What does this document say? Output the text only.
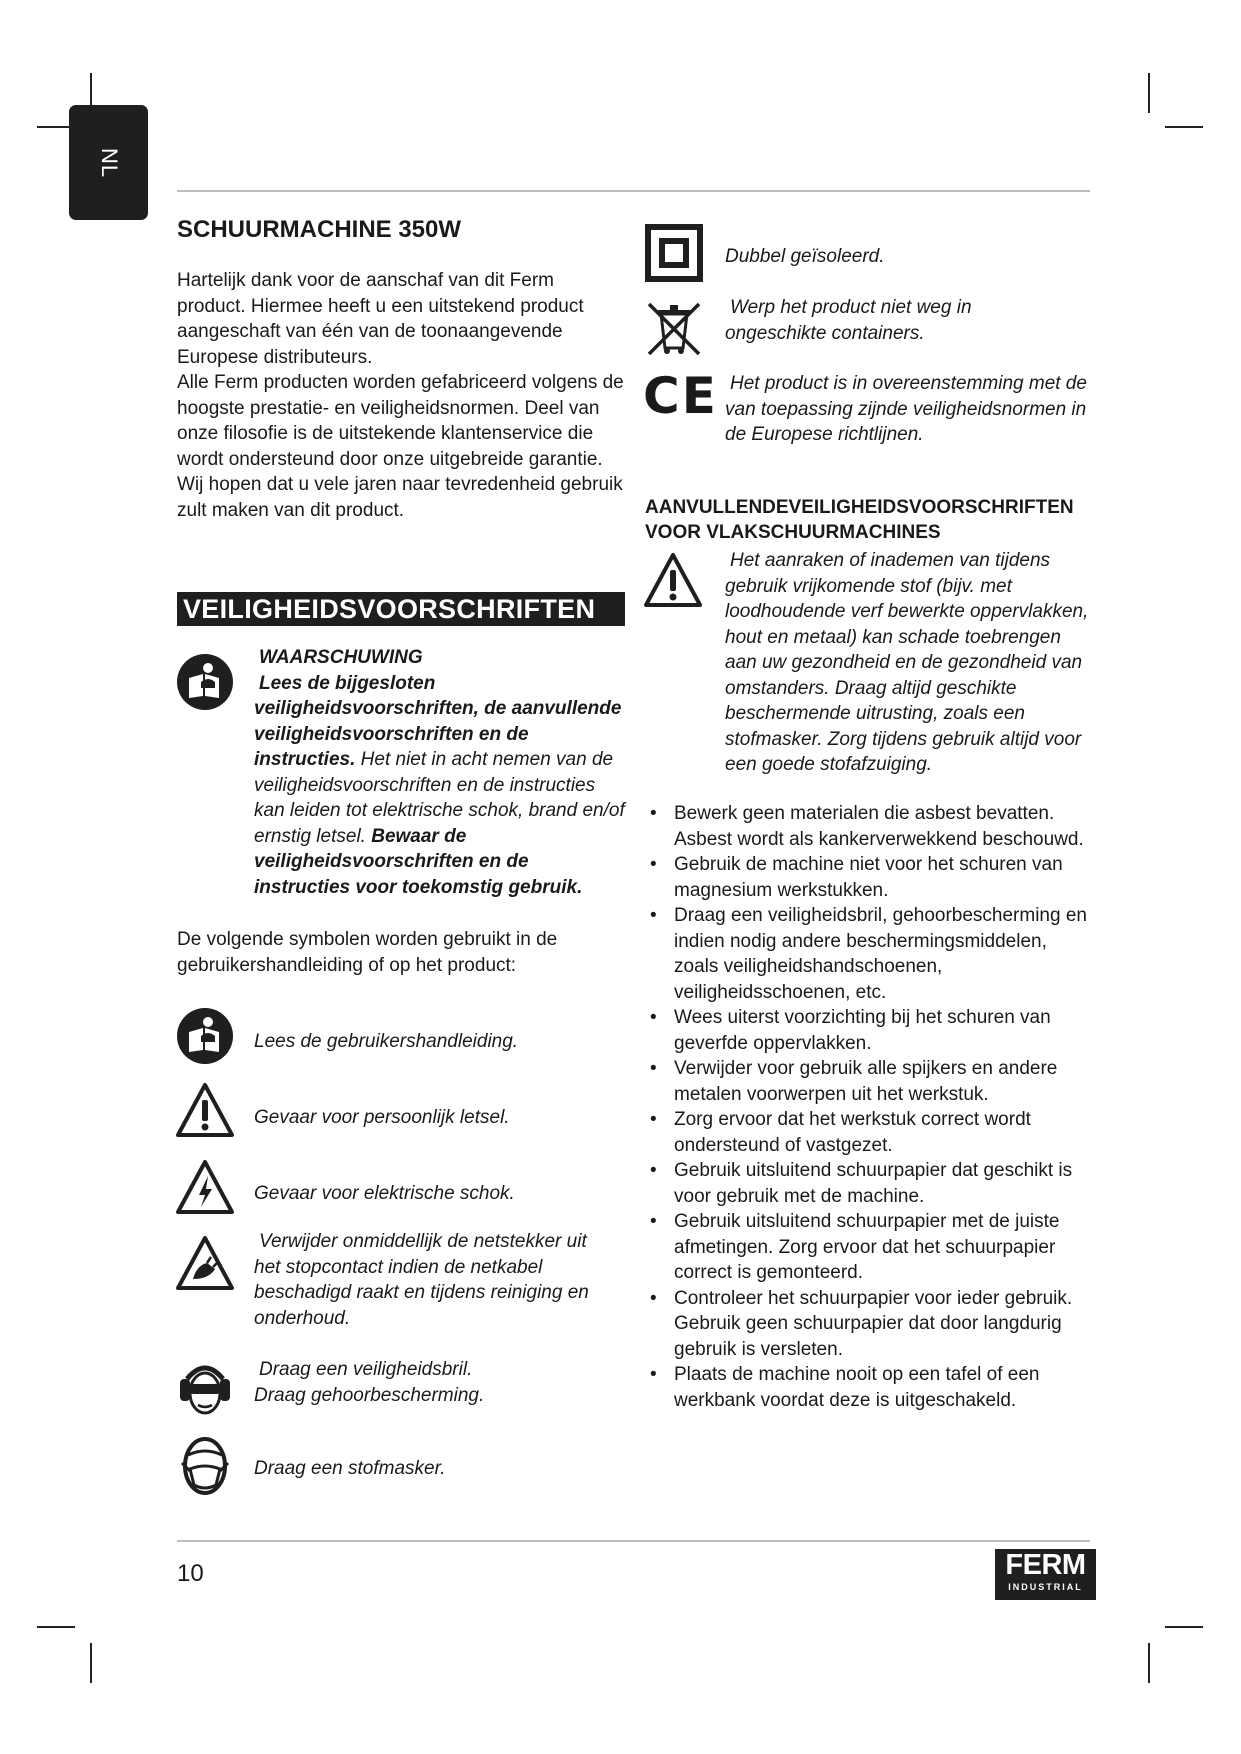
NL
SCHUURMACHINE 350W

Hartelijk dank voor de aanschaf van dit Ferm product. Hiermee heeft u een uitstekend product aangeschaft van één van de toonaangevende Europese distributeurs.

Alle Ferm producten worden gefabriceerd volgens de hoogste prestatie- en veiligheidsnormen. Deel van onze filosofie is de uitstekende klantenservice die wordt ondersteund door onze uitgebreide garantie.

Wij hopen dat u vele jaren naar tevredenheid gebruik zult maken van dit product.

VEILIGHEIDSVOORSCHRIFTEN

WAARSCHUWING

Lees de bijgesloten veiligheidsvoorschriften, de aanvullende veiligheidsvoorschriften en de instructies. Het niet in acht nemen van de veiligheidsvoorschriften en de instructies kan leiden tot elektrische schok, brand en/of ernstig letsel. Bewaar de veiligheidsvoorschriften en de instructies voor toekomstig gebruik.

De volgende symbolen worden gebruikt in de gebruikershandleiding of op het product:
Lees de gebruikershandleiding.
Gevaar voor persoonlijk letsel.
Gevaar voor elektrische schok.
Verwijder onmiddellijk de netstekker uit het stopcontact indien de netkabel beschadigd raakt en tijdens reiniging en onderhoud.

Draag een veiligheidsbril.

Draag gehoorbescherming.

Draag een stofmasker.
Dubbel geïsoleerd.
Werp het product niet weg in ongeschikte containers.
CE Het product is in overeenstemming met de van toepassing zijnde veiligheidsnormen in de Europese richtlijnen.

AANVULLENDEVEILIGHEIDSVOORSCHRIFTEN

VOOR VLAKSCHUURMACHINES

Het aanraken of inademen van tijdens gebruik vrijkomende stof (bijv. met loodhoudende verf bewerkte oppervlakken, hout en metaal) kan schade toebrengen aan uw gezondheid en de gezondheid van omstanders. Draag altijd geschikte beschermende uitrusting, zoals een stofmasker. Zorg tijdens gebruik altijd voor een goede stofafzuiging.
• Bewerk geen materialen die asbest bevatten. Asbest wordt als kankerverwekkend beschouwd.
• Gebruik de machine niet voor het schuren van magnesium werkstukken.
• Draag een veiligheidsbril, gehoorbescherming en indien nodig andere beschermingsmiddelen, zoals veiligheidshandschoenen, veiligheidsschoenen, etc.
• Wees uiterst voorzichting bij het schuren van geverfde oppervlakken.
• Verwijder voor gebruik alle spijkers en andere metalen voorwerpen uit het werkstuk.
• Zorg ervoor dat het werkstuk correct wordt ondersteund of vastgezet.
• Gebruik uitsluitend schuurpapier dat geschikt is voor gebruik met de machine.
• Gebruik uitsluitend schuurpapier met de juiste afmetingen. Zorg ervoor dat het schuurpapier correct is gemonteerd.
• Controleer het schuurpapier voor ieder gebruik. Gebruik geen schuurpapier dat door langdurig gebruik is versleten.
• Plaats de machine nooit op een tafel of een werkbank voordat deze is uitgeschakeld.
10	FERM
INDUSTRIAL
